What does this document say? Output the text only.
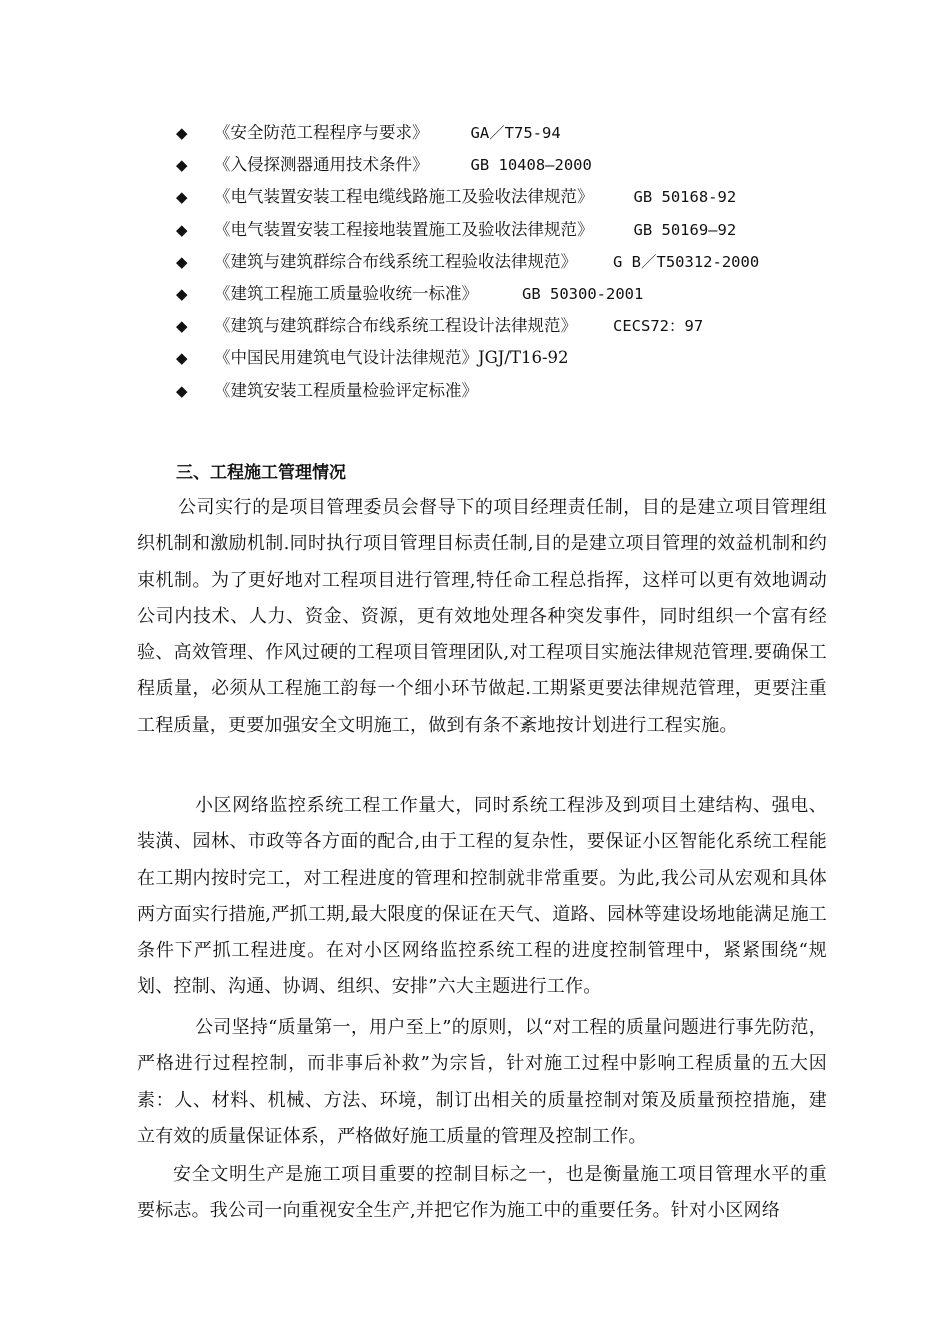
◆ 《安全防范工程程序与要求》	GA／T75-94
◆ 《入侵探测器通用技术条件》	GB 10408—2000
◆ 《电气装置安装工程电缆线路施工及验收法律规范》	GB 50168-92
◆ 《电气装置安装工程接地装置施工及验收法律规范》	GB 50169—92
◆ 《建筑与建筑群综合布线系统工程验收法律规范》 G B／T50312-2000
◆ 《建筑工程施工质量验收统一标准》	GB 50300-2001
◆ 《建筑与建筑群综合布线系统工程设计法律规范》 CECS72：97
◆ 《中国民用建筑电气设计法律规范》JGJ/T16-92
◆ 《建筑安装工程质量检验评定标准》
三、工程施工管理情况

公司实行的是项目管理委员会督导下的项目经理责任制，目的是建立项目管理组织机制和激励机制.同时执行项目管理目标责任制,目的是建立项目管理的效益机制和约束机制。为了更好地对工程项目进行管理,特任命工程总指挥，这样可以更有效地调动公司内技术、人力、资金、资源，更有效地处理各种突发事件，同时组织一个富有经验、高效管理、作风过硬的工程项目管理团队,对工程项目实施法律规范管理.要确保工程质量，必须从工程施工韵每一个细小环节做起.工期紧更要法律规范管理，更要注重工程质量，更要加强安全文明施工，做到有条不紊地按计划进行工程实施。

小区网络监控系统工程工作量大，同时系统工程涉及到项目土建结构、强电、装潢、园林、市政等各方面的配合,由于工程的复杂性，要保证小区智能化系统工程能在工期内按时完工，对工程进度的管理和控制就非常重要。为此,我公司从宏观和具体两方面实行措施,严抓工期,最大限度的保证在天气、道路、园林等建设场地能满足施工条件下严抓工程进度。在对小区网络监控系统工程的进度控制管理中，紧紧围绕“规划、控制、沟通、协调、组织、安排”六大主题进行工作。

公司坚持“质量第一，用户至上”的原则，以“对工程的质量问题进行事先防范，严格进行过程控制，而非事后补救”为宗旨，针对施工过程中影响工程质量的五大因素：人、材料、机械、方法、环境，制订出相关的质量控制对策及质量预控措施，建立有效的质量保证体系，严格做好施工质量的管理及控制工作。

安全文明生产是施工项目重要的控制目标之一，也是衡量施工项目管理水平的重要标志。我公司一向重视安全生产,并把它作为施工中的重要任务。针对小区网络
